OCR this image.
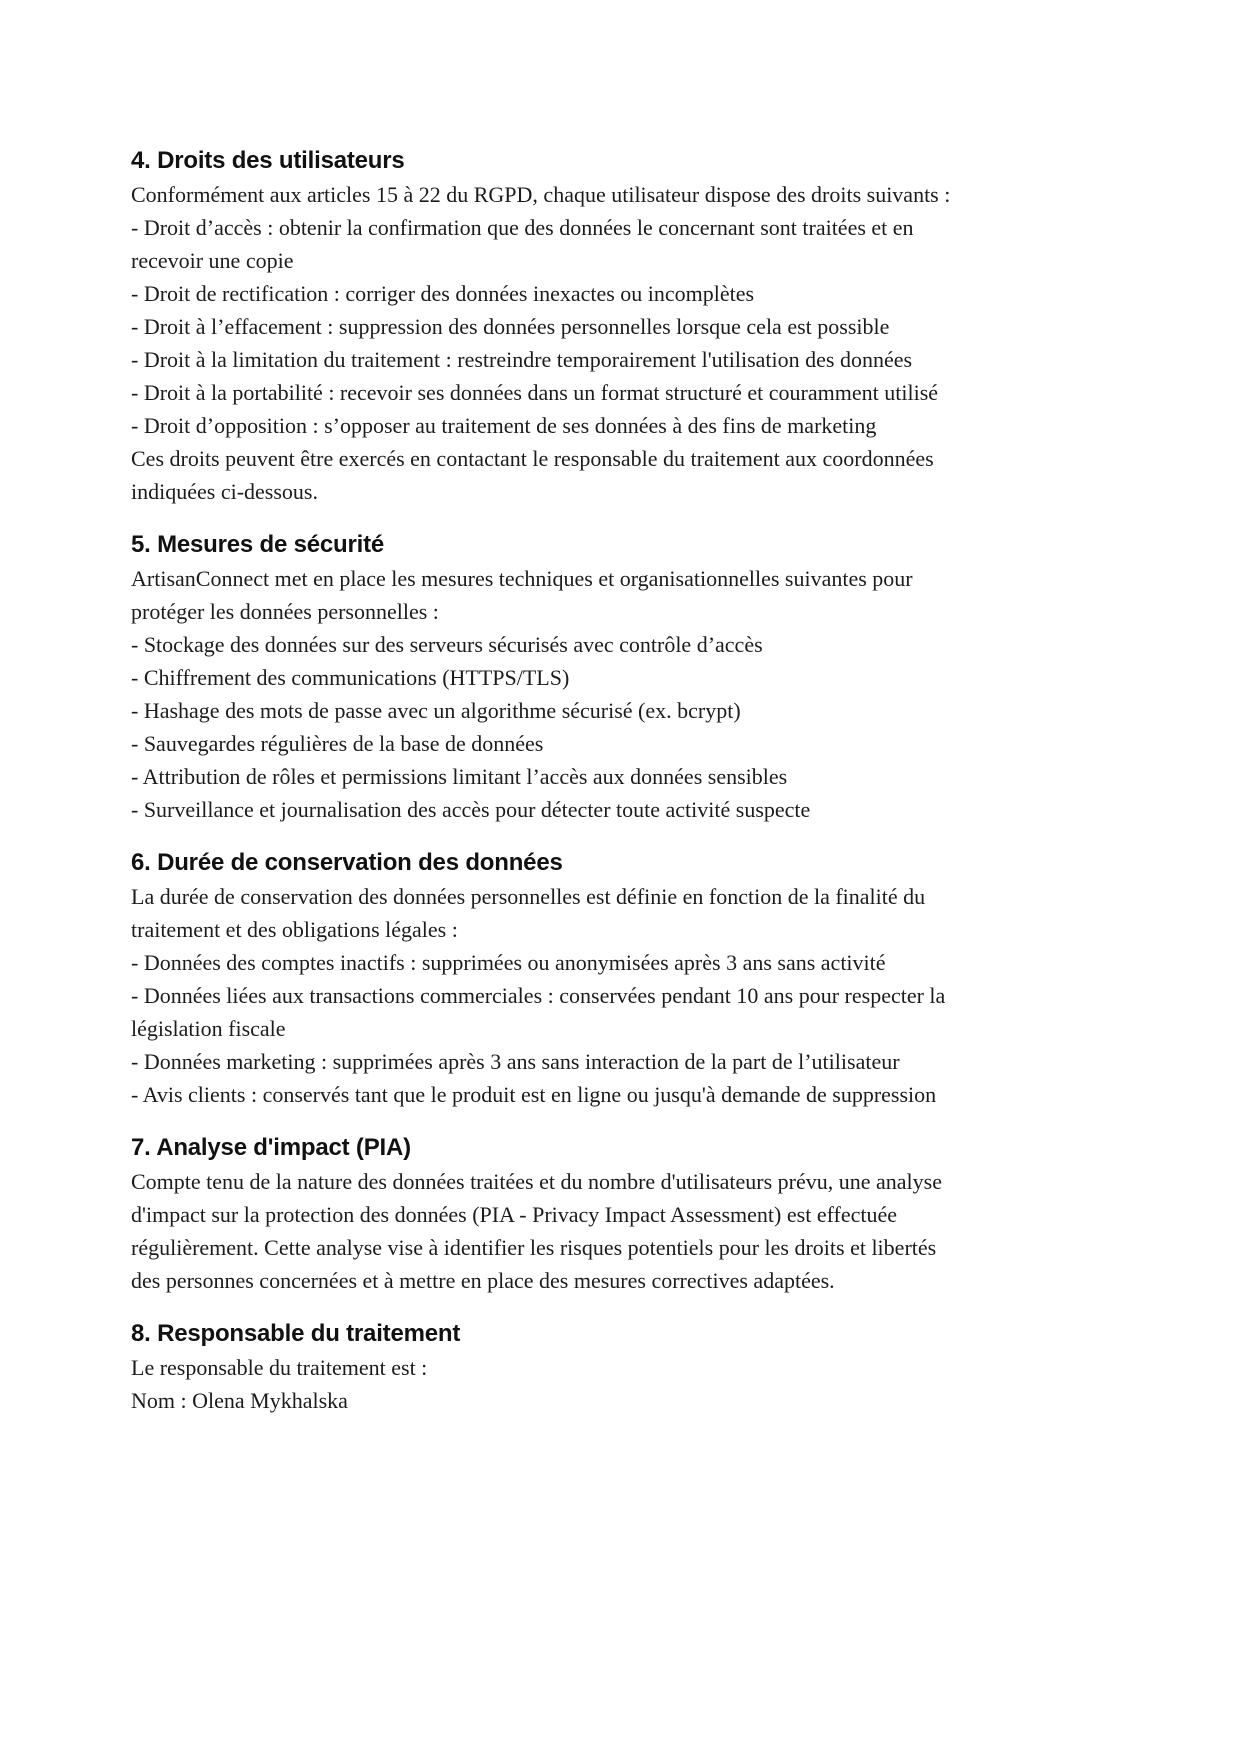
4. Droits des utilisateurs

Conformément aux articles 15 à 22 du RGPD, chaque utilisateur dispose des droits suivants :

- Droit d’accès : obtenir la confirmation que des données le concernant sont traitées et en

recevoir une copie

- Droit de rectification : corriger des données inexactes ou incomplètes

- Droit à l’effacement : suppression des données personnelles lorsque cela est possible

- Droit à la limitation du traitement : restreindre temporairement l'utilisation des données

- Droit à la portabilité : recevoir ses données dans un format structuré et couramment utilisé

- Droit d’opposition : s’opposer au traitement de ses données à des fins de marketing

Ces droits peuvent être exercés en contactant le responsable du traitement aux coordonnées

indiquées ci-dessous.

5. Mesures de sécurité

ArtisanConnect met en place les mesures techniques et organisationnelles suivantes pour

protéger les données personnelles :

- Stockage des données sur des serveurs sécurisés avec contrôle d’accès

- Chiffrement des communications (HTTPS/TLS)

- Hashage des mots de passe avec un algorithme sécurisé (ex. bcrypt)

- Sauvegardes régulières de la base de données

- Attribution de rôles et permissions limitant l’accès aux données sensibles

- Surveillance et journalisation des accès pour détecter toute activité suspecte

6. Durée de conservation des données

La durée de conservation des données personnelles est définie en fonction de la finalité du

traitement et des obligations légales :

- Données des comptes inactifs : supprimées ou anonymisées après 3 ans sans activité

- Données liées aux transactions commerciales : conservées pendant 10 ans pour respecter la

législation fiscale

- Données marketing : supprimées après 3 ans sans interaction de la part de l’utilisateur

- Avis clients : conservés tant que le produit est en ligne ou jusqu'à demande de suppression

7. Analyse d'impact (PIA)

Compte tenu de la nature des données traitées et du nombre d'utilisateurs prévu, une analyse

d'impact sur la protection des données (PIA - Privacy Impact Assessment) est effectuée

régulièrement. Cette analyse vise à identifier les risques potentiels pour les droits et libertés

des personnes concernées et à mettre en place des mesures correctives adaptées.

8. Responsable du traitement

Le responsable du traitement est :

Nom : Olena Mykhalska
